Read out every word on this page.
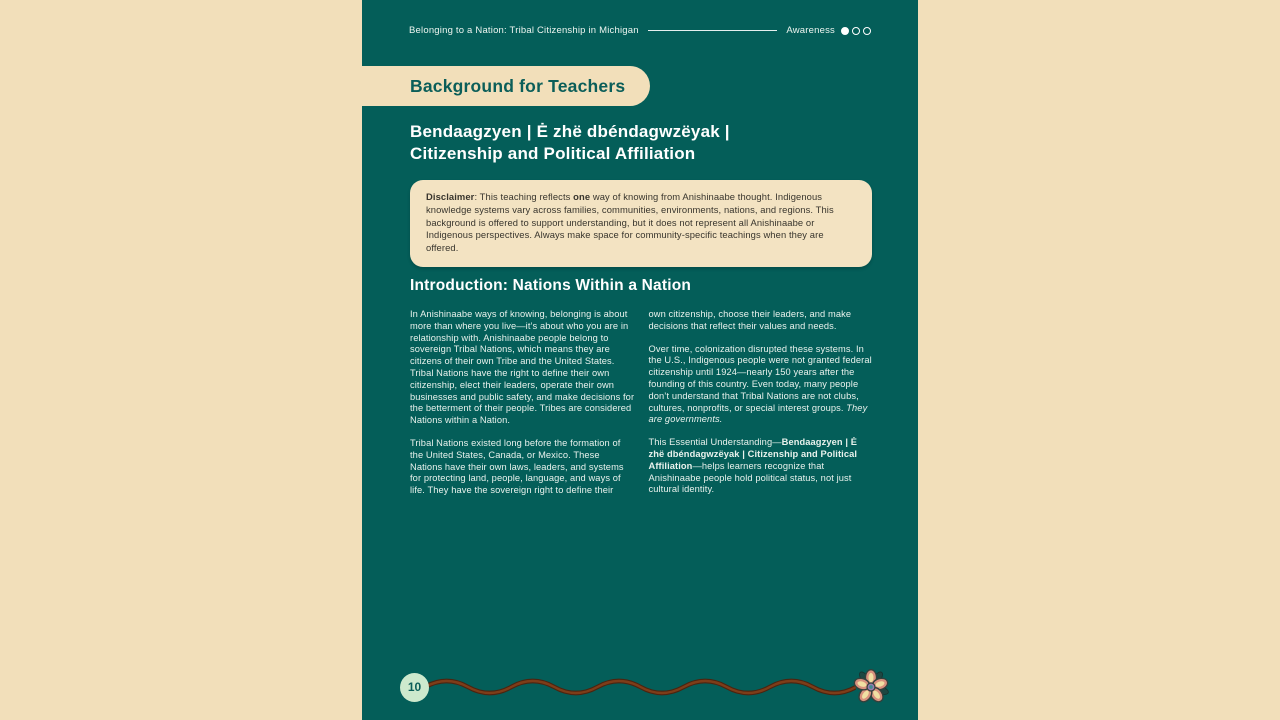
Belonging to a Nation: Tribal Citizenship in Michigan	Awareness
Background for Teachers
Bendaagzyen | Ė zhë dbéndagwzëyak |
Citizenship and Political Affiliation
Disclaimer: This teaching reflects one way of knowing from Anishinaabe thought. Indigenous knowledge systems vary across families, communities, environments, nations, and regions. This background is offered to support understanding, but it does not represent all Anishinaabe or Indigenous perspectives. Always make space for community-specific teachings when they are offered.
Introduction: Nations Within a Nation

In Anishinaabe ways of knowing, belonging is about more than where you live—it’s about who you are in relationship with. Anishinaabe people belong to sovereign Tribal Nations, which means they are citizens of their own Tribe and the United States. Tribal Nations have the right to define their own citizenship, elect their leaders, operate their own businesses and public safety, and make decisions for the betterment of their people. Tribes are considered Nations within a Nation.

Tribal Nations existed long before the formation of the United States, Canada, or Mexico. These Nations have their own laws, leaders, and systems for protecting land, people, language, and ways of life. They have the sovereign right to define their

own citizenship, choose their leaders, and make decisions that reflect their values and needs.

Over time, colonization disrupted these systems. In the U.S., Indigenous people were not granted federal citizenship until 1924—nearly 150 years after the founding of this country. Even today, many people don’t understand that Tribal Nations are not clubs, cultures, nonprofits, or special interest groups. They are governments.

This Essential Understanding—Bendaagzyen | Ė zhë dbéndagwzëyak | Citizenship and Political Affiliation—helps learners recognize that Anishinaabe people hold political status, not just cultural identity.

10
